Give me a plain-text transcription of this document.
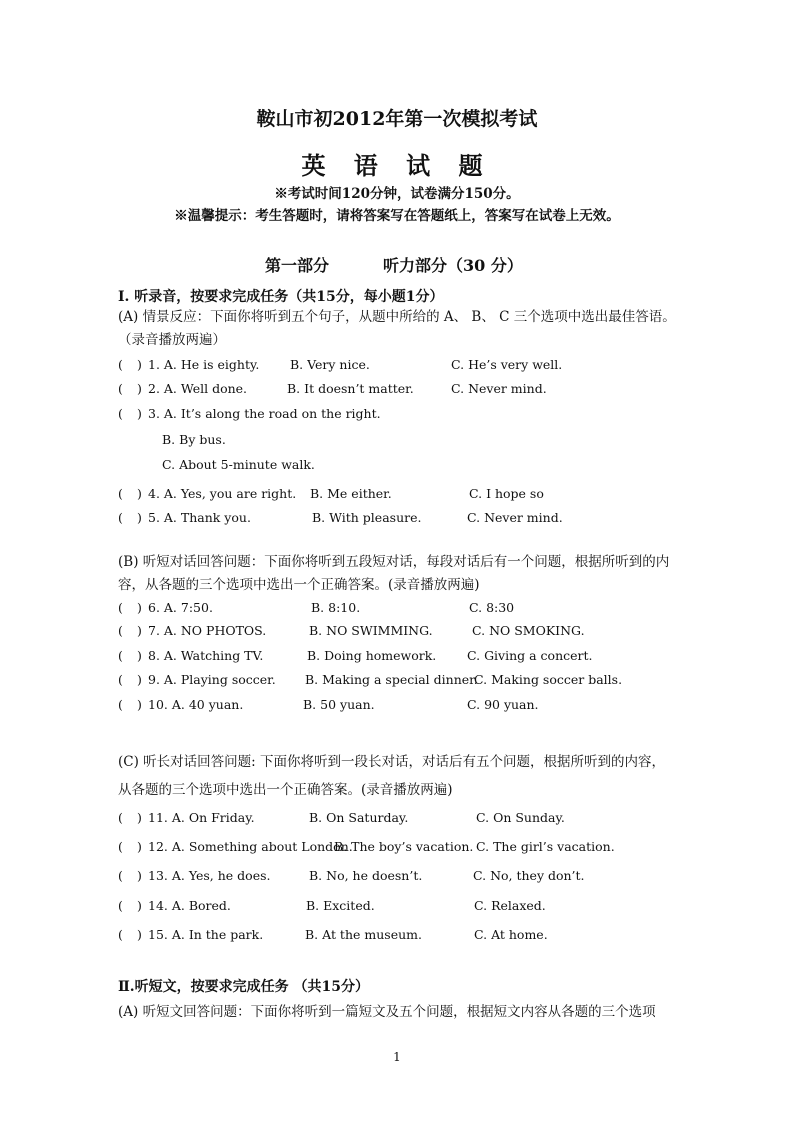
鞍山市初2012年第一次模拟考试
英 语 试 题
※考试时间120分钟，试卷满分150分。
※温馨提示：考生答题时，请将答案写在答题纸上，答案写在试卷上无效。
第一部分	听力部分（30 分）
I. 听录音，按要求完成任务（共15分，每小题1分）
(A) 情景反应：下面你将听到五个句子，从题中所给的 A、 B、 C 三个选项中选出最佳答语。（录音播放两遍）
( ) 1. A. He is eighty. B. Very nice.	C. He’s very well.
( ) 2. A. Well done.	B. It doesn’t matter.	C. Never mind.
( ) 3. A. It’s along the road on the right.
B. By bus.
C. About 5-minute walk.
( ) 4. A. Yes, you are right. B. Me either.	C. I hope so
( ) 5. A. Thank you.	B. With pleasure.	C. Never mind.
(B) 听短对话回答问题：下面你将听到五段短对话，每段对话后有一个问题，根据所听到的内容，从各题的三个选项中选出一个正确答案。(录音播放两遍)
( ) 6. A. 7:50.	B. 8:10.	C. 8:30
( ) 7. A. NO PHOTOS.	B. NO SWIMMING.	C. NO SMOKING.
( ) 8. A. Watching TV.	B. Doing homework. C. Giving a concert.
( ) 9. A. Playing soccer. B. Making a special dinner.
C. Making soccer balls.
( ) 10. A. 40 yuan.	B. 50 yuan.	C. 90 yuan.
(C) 听长对话回答问题: 下面你将听到一段长对话，对话后有五个问题，根据所听到的内容，从各题的三个选项中选出一个正确答案。(录音播放两遍)
( ) 11. A. On Friday.	B. On Saturday.	C. On Sunday.
( ) 12. A. Something about London.
B. The boy’s vacation. C. The girl’s vacation.
( ) 13. A. Yes, he does.	B. No, he doesn’t.	C. No, they don’t.
( ) 14. A. Bored.	B. Excited.	C. Relaxed.
( ) 15. A. In the park.	B. At the museum.	C. At home.
Ⅱ.听短文，按要求完成任务 （共15分）
(A) 听短文回答问题：下面你将听到一篇短文及五个问题，根据短文内容从各题的三个选项
1
